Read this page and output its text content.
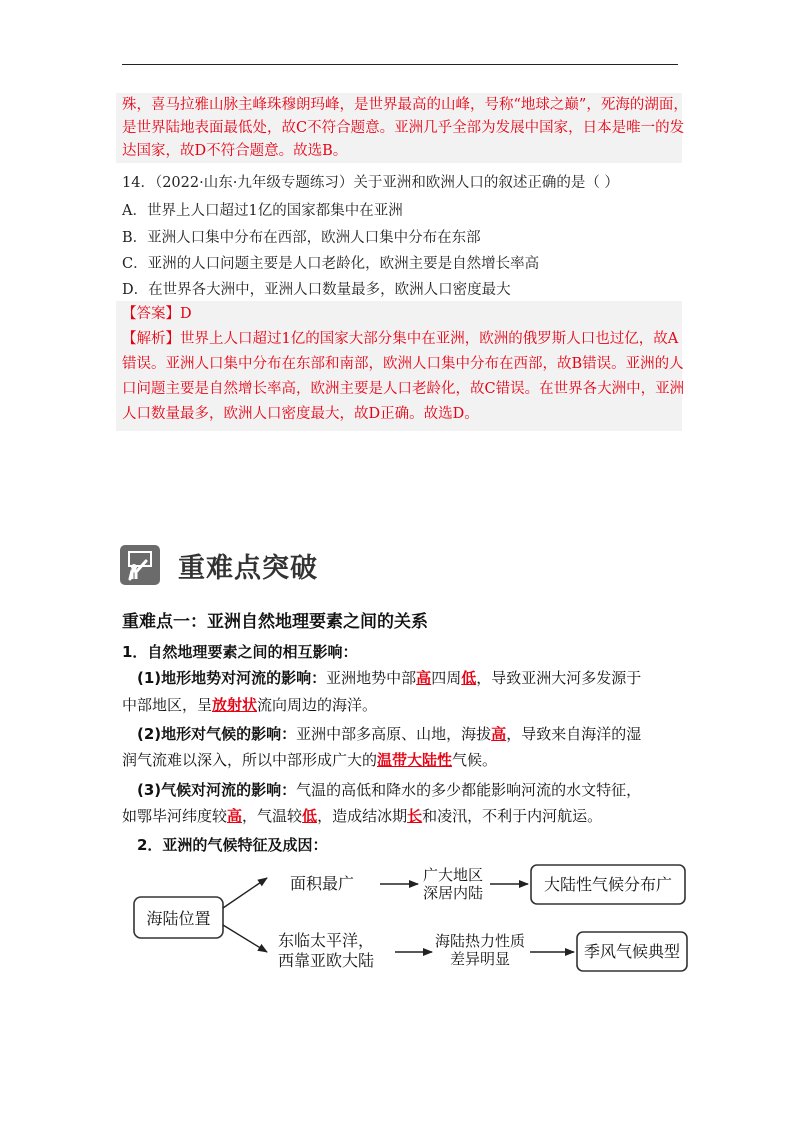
殊，喜马拉雅山脉主峰珠穆朗玛峰，是世界最高的山峰，号称“地球之巅”，死海的湖面，
是世界陆地表面最低处，故C不符合题意。亚洲几乎全部为发展中国家，日本是唯一的发
达国家，故D不符合题意。故选B。
14．（2022·山东·九年级专题练习）关于亚洲和欧洲人口的叙述正确的是（ ）
A．世界上人口超过1亿的国家都集中在亚洲
B．亚洲人口集中分布在西部，欧洲人口集中分布在东部
C．亚洲的人口问题主要是人口老龄化，欧洲主要是自然增长率高
D．在世界各大洲中，亚洲人口数量最多，欧洲人口密度最大
【答案】D
【解析】世界上人口超过1亿的国家大部分集中在亚洲，欧洲的俄罗斯人口也过亿，故A
错误。亚洲人口集中分布在东部和南部，欧洲人口集中分布在西部，故B错误。亚洲的人
口问题主要是自然增长率高，欧洲主要是人口老龄化，故C错误。在世界各大洲中，亚洲
人口数量最多，欧洲人口密度最大，故D正确。故选D。
重难点突破
重难点一：亚洲自然地理要素之间的关系
1．自然地理要素之间的相互影响：
(1)地形地势对河流的影响：亚洲地势中部高四周低，导致亚洲大河多发源于
中部地区，呈放射状流向周边的海洋。
(2)地形对气候的影响：亚洲中部多高原、山地，海拔高，导致来自海洋的湿
润气流难以深入，所以中部形成广大的温带大陆性气候。
(3)气候对河流的影响：气温的高低和降水的多少都能影响河流的水文特征，
如鄂毕河纬度较高，气温较低，造成结冰期长和凌汛，不利于内河航运。
2．亚洲的气候特征及成因：
海陆位置
面积最广	广大地区
深居内陆	大陆性气候分布广
东临太平洋，
西靠亚欧大陆
海陆热力性质
差异明显	季风气候典型
